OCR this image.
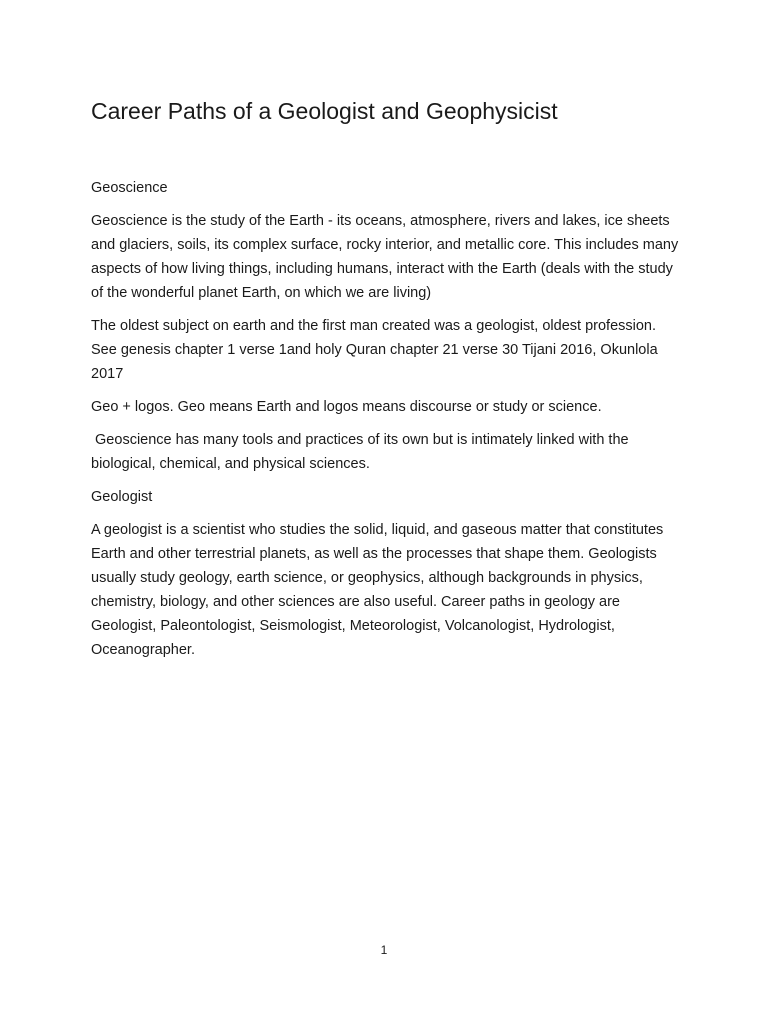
Career Paths of a Geologist and Geophysicist
Geoscience

Geoscience is the study of the Earth - its oceans, atmosphere, rivers and lakes, ice sheets and glaciers, soils, its complex surface, rocky interior, and metallic core. This includes many aspects of how living things, including humans, interact with the Earth (deals with the study of the wonderful planet Earth, on which we are living)

The oldest subject on earth and the first man created was a geologist, oldest profession. See genesis chapter 1 verse 1and holy Quran chapter 21 verse 30 Tijani 2016, Okunlola 2017

Geo + logos. Geo means Earth and logos means discourse or study or science.

Geoscience has many tools and practices of its own but is intimately linked with the biological, chemical, and physical sciences.

Geologist

A geologist is a scientist who studies the solid, liquid, and gaseous matter that constitutes Earth and other terrestrial planets, as well as the processes that shape them. Geologists usually study geology, earth science, or geophysics, although backgrounds in physics, chemistry, biology, and other sciences are also useful. Career paths in geology are Geologist, Paleontologist, Seismologist, Meteorologist, Volcanologist, Hydrologist, Oceanographer.

1
